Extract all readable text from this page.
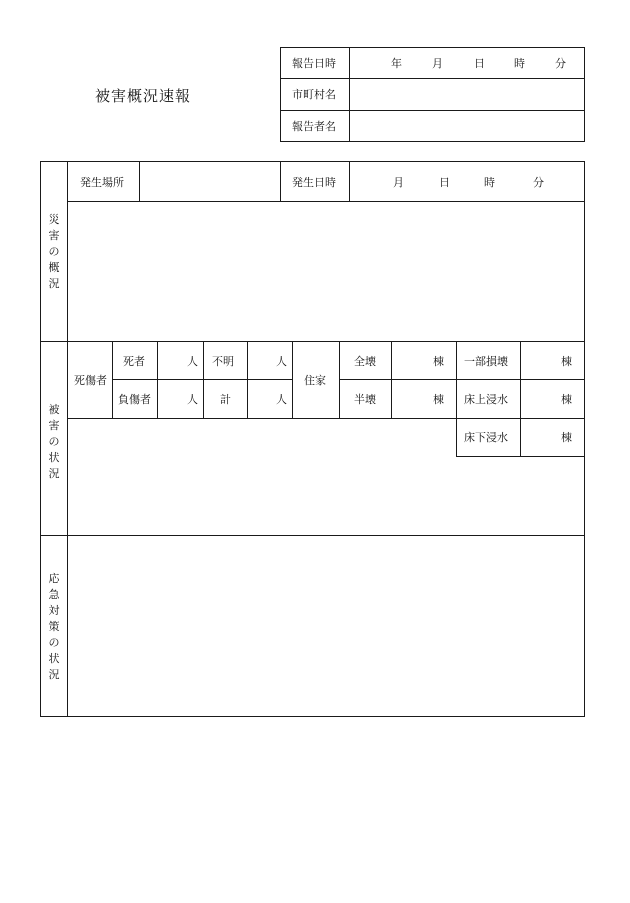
被害概況速報
報告日時	年	月	日	時	分
市町村名
報告者名
災害の概況
発生場所	発生日時	月	日	時	分
被害の状況
死傷者
死者	人 不明	人
負傷者	人 計	人
住家
全壊	棟 一部損壊	棟
半壊	棟 床上浸水	棟
床下浸水	棟
応急対策の状況
